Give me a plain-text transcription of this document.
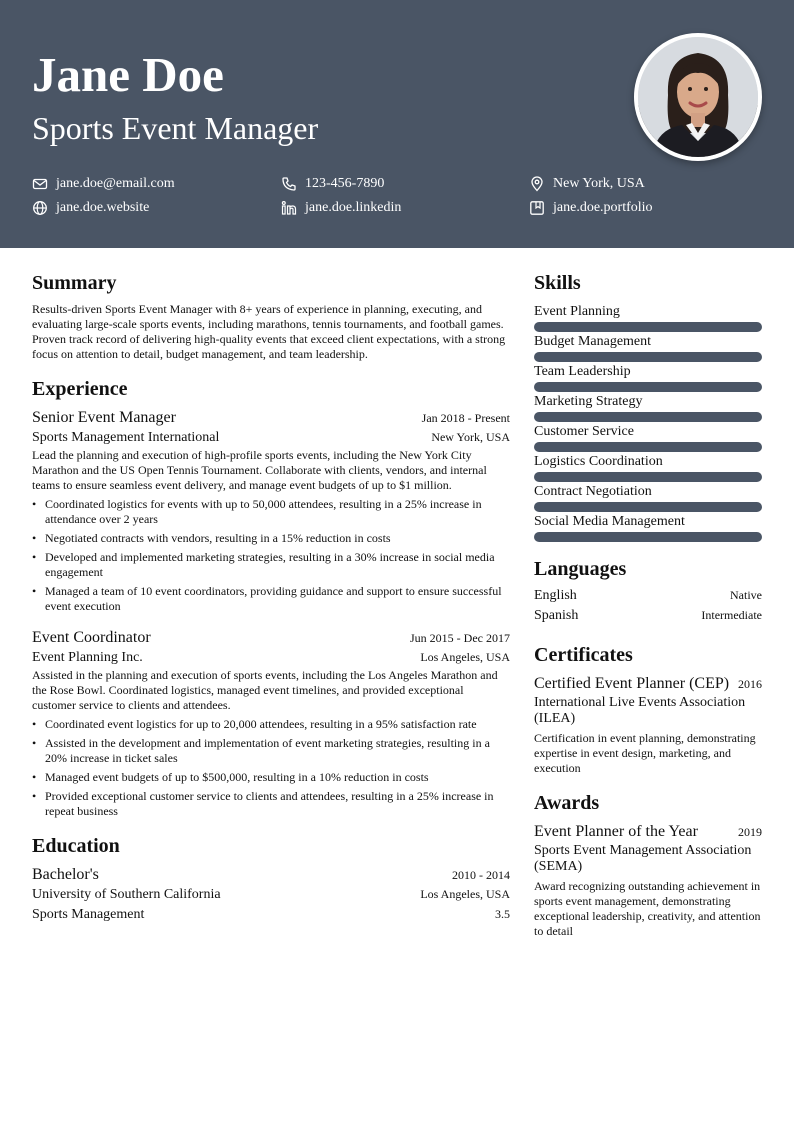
Jane Doe
Sports Event Manager
jane.doe@email.com	123-456-7890	New York, USA
jane.doe.website	jane.doe.linkedin	jane.doe.portfolio
Summary

Results-driven Sports Event Manager with 8+ years of experience in planning, executing, and evaluating large-scale sports events, including marathons, tennis tournaments, and football games. Proven track record of delivering high-quality events that exceed client expectations, with a strong focus on attention to detail, budget management, and team leadership.

Experience
Senior Event Manager	Jan 2018 - Present
Sports Management International	New York, USA

Lead the planning and execution of high-profile sports events, including the New York City Marathon and the US Open Tennis Tournament. Collaborate with clients, vendors, and internal teams to ensure seamless event delivery, and manage event budgets of up to $1 million.

• Coordinated logistics for events with up to 50,000 attendees, resulting in a 25% increase in attendance over 2 years
• Negotiated contracts with vendors, resulting in a 15% reduction in costs
• Developed and implemented marketing strategies, resulting in a 30% increase in social media engagement
• Managed a team of 10 event coordinators, providing guidance and support to ensure successful event execution
Event Coordinator	Jun 2015 - Dec 2017
Event Planning Inc.	Los Angeles, USA

Assisted in the planning and execution of sports events, including the Los Angeles Marathon and the Rose Bowl. Coordinated logistics, managed event timelines, and provided exceptional customer service to clients and attendees.

• Coordinated event logistics for up to 20,000 attendees, resulting in a 95% satisfaction rate
• Assisted in the development and implementation of event marketing strategies, resulting in a 20% increase in ticket sales
• Managed event budgets of up to $500,000, resulting in a 10% reduction in costs
• Provided exceptional customer service to clients and attendees, resulting in a 25% increase in repeat business
Education
Bachelor's	2010 - 2014
University of Southern California	Los Angeles, USA
Sports Management	3.5
Skills
Event Planning
Budget Management
Team Leadership
Marketing Strategy
Customer Service
Logistics Coordination
Contract Negotiation
Social Media Management
Languages
English	Native
Spanish	Intermediate
Certificates
Certified Event Planner (CEP) 2016
International Live Events Association (ILEA)
Certification in event planning, demonstrating expertise in event design, marketing, and execution
Awards
Event Planner of the Year	2019
Sports Event Management Association (SEMA)
Award recognizing outstanding achievement in sports event management, demonstrating exceptional leadership, creativity, and attention to detail
